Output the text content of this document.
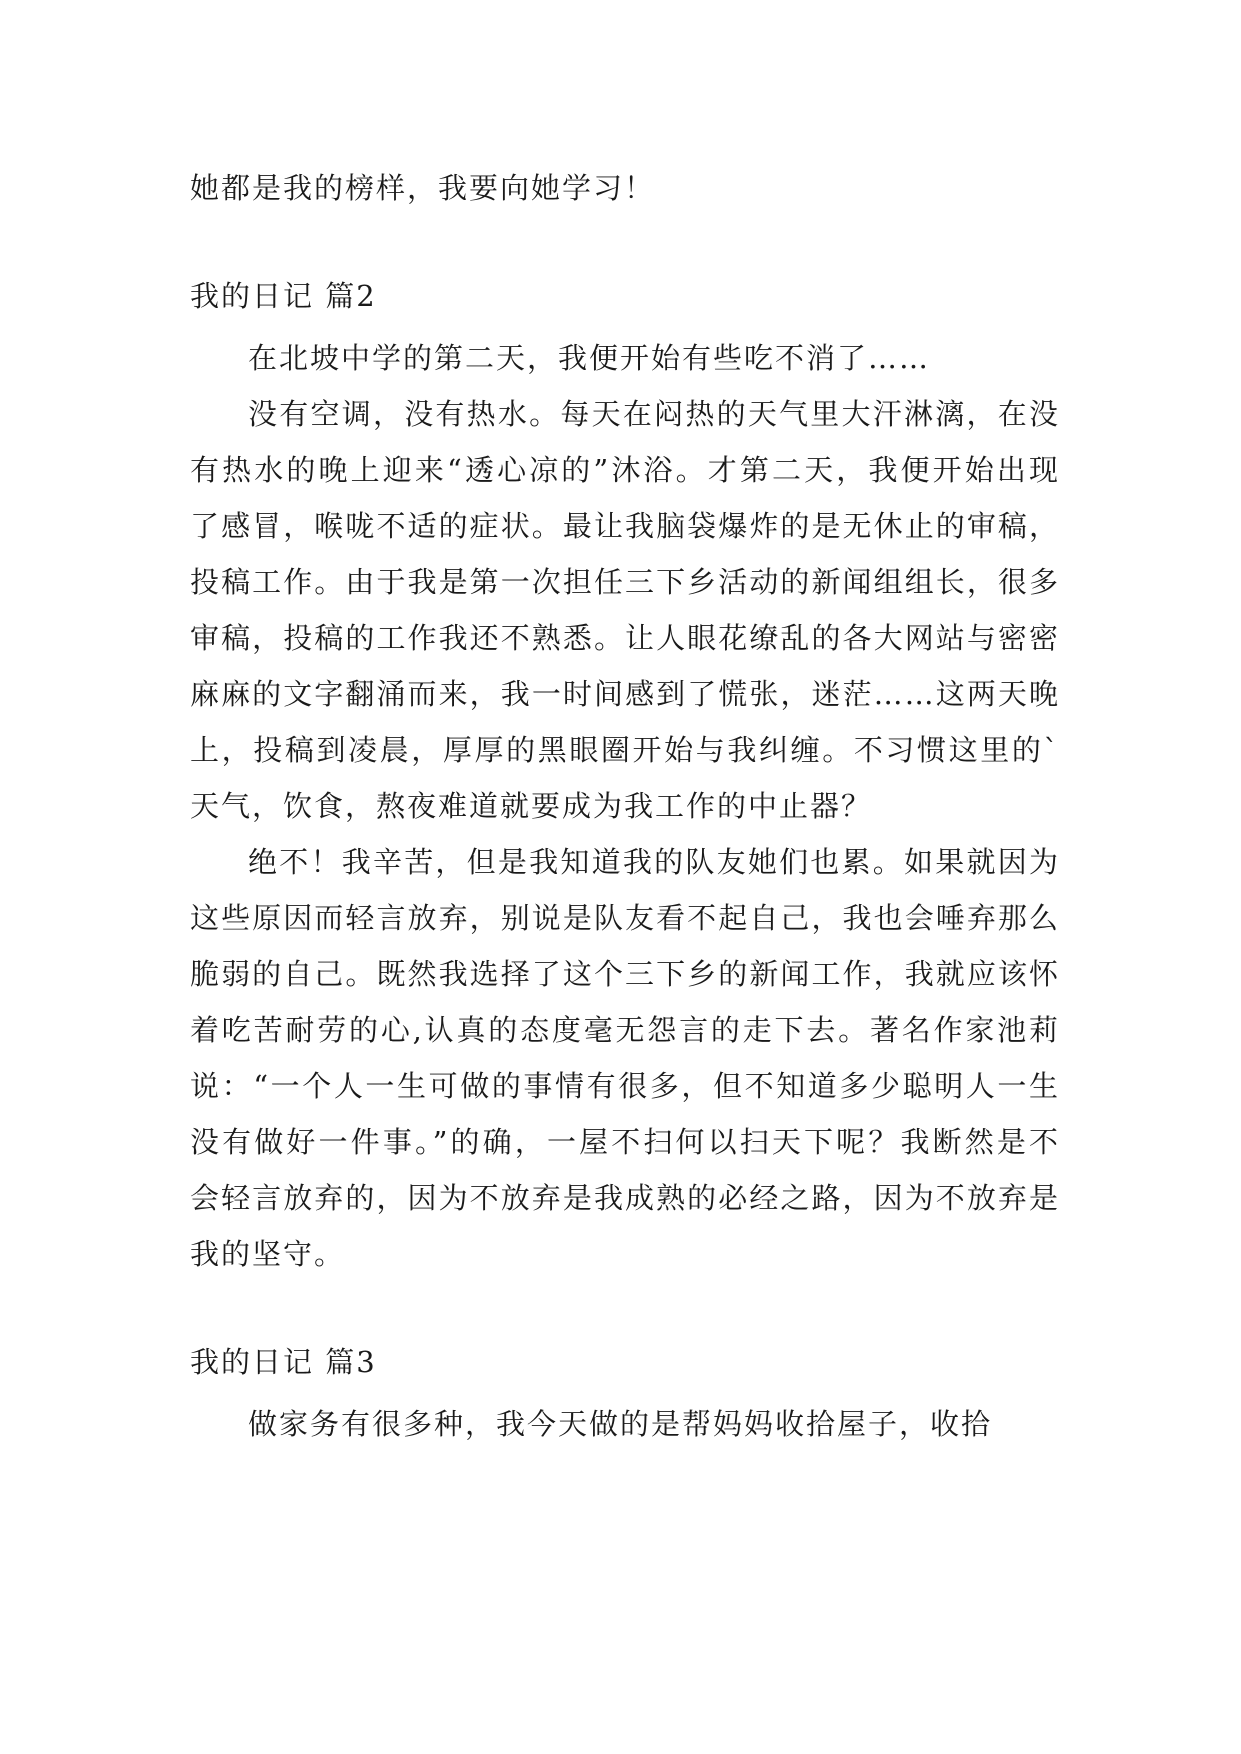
她都是我的榜样，我要向她学习！

我的日记 篇2

在北坡中学的第二天，我便开始有些吃不消了……

没有空调，没有热水。每天在闷热的天气里大汗淋漓，在没有热水的晚上迎来“透心凉的”沐浴。才第二天，我便开始出现了感冒，喉咙不适的症状。最让我脑袋爆炸的是无休止的审稿，投稿工作。由于我是第一次担任三下乡活动的新闻组组长，很多审稿，投稿的工作我还不熟悉。让人眼花缭乱的各大网站与密密麻麻的文字翻涌而来，我一时间感到了慌张，迷茫……这两天晚上，投稿到凌晨，厚厚的黑眼圈开始与我纠缠。不习惯这里的`天气，饮食，熬夜难道就要成为我工作的中止器？

绝不！我辛苦，但是我知道我的队友她们也累。如果就因为这些原因而轻言放弃，别说是队友看不起自己，我也会唾弃那么脆弱的自己。既然我选择了这个三下乡的新闻工作，我就应该怀着吃苦耐劳的心,认真的态度毫无怨言的走下去。著名作家池莉说：“一个人一生可做的事情有很多，但不知道多少聪明人一生没有做好一件事。”的确，一屋不扫何以扫天下呢？我断然是不会轻言放弃的，因为不放弃是我成熟的必经之路，因为不放弃是我的坚守。

我的日记 篇3

做家务有很多种，我今天做的是帮妈妈收拾屋子，收拾
